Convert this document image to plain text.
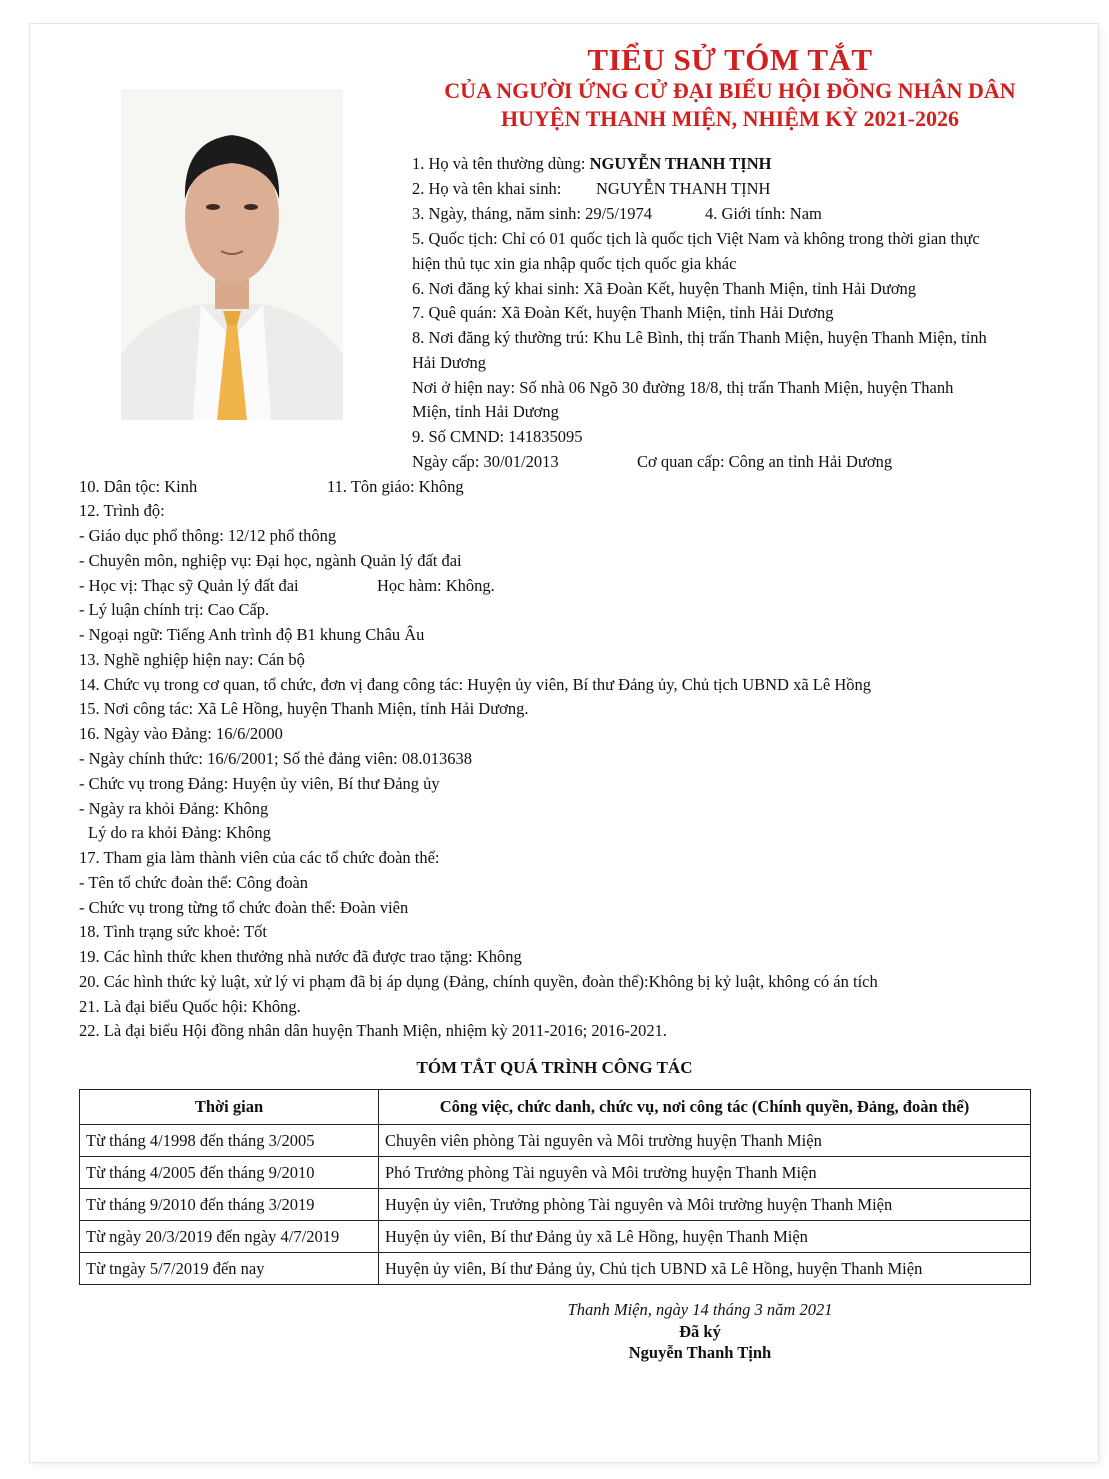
TIỂU SỬ TÓM TẮT
CỦA NGƯỜI ỨNG CỬ ĐẠI BIỂU HỘI ĐỒNG NHÂN DÂN
HUYỆN THANH MIỆN, NHIỆM KỲ 2021-2026
1. Họ và tên thường dùng: NGUYỄN THANH TỊNH
2. Họ và tên khai sinh: NGUYỄN THANH TỊNH
3. Ngày, tháng, năm sinh: 29/5/1974	4. Giới tính: Nam
5. Quốc tịch: Chỉ có 01 quốc tịch là quốc tịch Việt Nam và không trong thời gian thực
hiện thủ tục xin gia nhập quốc tịch quốc gia khác
6. Nơi đăng ký khai sinh: Xã Đoàn Kết, huyện Thanh Miện, tỉnh Hải Dương
7. Quê quán: Xã Đoàn Kết, huyện Thanh Miện, tỉnh Hải Dương
8. Nơi đăng ký thường trú: Khu Lê Bình, thị trấn Thanh Miện, huyện Thanh Miện, tỉnh
Hải Dương
Nơi ở hiện nay: Số nhà 06 Ngõ 30 đường 18/8, thị trấn Thanh Miện, huyện Thanh
Miện, tỉnh Hải Dương
9. Số CMND: 141835095
Ngày cấp: 30/01/2013	Cơ quan cấp: Công an tỉnh Hải Dương
10. Dân tộc: Kinh	11. Tôn giáo: Không
12. Trình độ:
- Giáo dục phổ thông: 12/12 phổ thông
- Chuyên môn, nghiệp vụ: Đại học, ngành Quản lý đất đai
- Học vị: Thạc sỹ Quản lý đất đai	Học hàm: Không.
- Lý luận chính trị: Cao Cấp.
- Ngoại ngữ: Tiếng Anh trình độ B1 khung Châu Âu
13. Nghề nghiệp hiện nay: Cán bộ
14. Chức vụ trong cơ quan, tổ chức, đơn vị đang công tác: Huyện ủy viên, Bí thư Đảng ủy, Chủ tịch UBND xã Lê Hồng
15. Nơi công tác: Xã Lê Hồng, huyện Thanh Miện, tỉnh Hải Dương.
16. Ngày vào Đảng: 16/6/2000
- Ngày chính thức: 16/6/2001; Số thẻ đảng viên: 08.013638
- Chức vụ trong Đảng: Huyện ủy viên, Bí thư Đảng ủy
- Ngày ra khỏi Đảng: Không
Lý do ra khỏi Đảng: Không
17. Tham gia làm thành viên của các tổ chức đoàn thể:
- Tên tổ chức đoàn thể: Công đoàn
- Chức vụ trong từng tổ chức đoàn thể: Đoàn viên
18. Tình trạng sức khoẻ: Tốt
19. Các hình thức khen thưởng nhà nước đã được trao tặng: Không
20. Các hình thức kỷ luật, xử lý vi phạm đã bị áp dụng (Đảng, chính quyền, đoàn thể):Không bị kỷ luật, không có án tích
21. Là đại biểu Quốc hội: Không.
22. Là đại biểu Hội đồng nhân dân huyện Thanh Miện, nhiệm kỳ 2011-2016; 2016-2021.
TÓM TẮT QUÁ TRÌNH CÔNG TÁC
Thời gian	Công việc, chức danh, chức vụ, nơi công tác (Chính quyền, Đảng, đoàn thể)
Từ tháng 4/1998 đến tháng 3/2005	Chuyên viên phòng Tài nguyên và Môi trường huyện Thanh Miện
Từ tháng 4/2005 đến tháng 9/2010	Phó Trưởng phòng Tài nguyên và Môi trường huyện Thanh Miện
Từ tháng 9/2010 đến tháng 3/2019	Huyện ủy viên, Trưởng phòng Tài nguyên và Môi trường huyện Thanh Miện
Từ ngày 20/3/2019 đến ngày 4/7/2019	Huyện ủy viên, Bí thư Đảng ủy xã Lê Hồng, huyện Thanh Miện
Từ tngày 5/7/2019 đến nay	Huyện ủy viên, Bí thư Đảng ủy, Chủ tịch UBND xã Lê Hồng, huyện Thanh Miện
Thanh Miện, ngày 14 tháng 3 năm 2021
Đã ký
Nguyễn Thanh Tịnh
